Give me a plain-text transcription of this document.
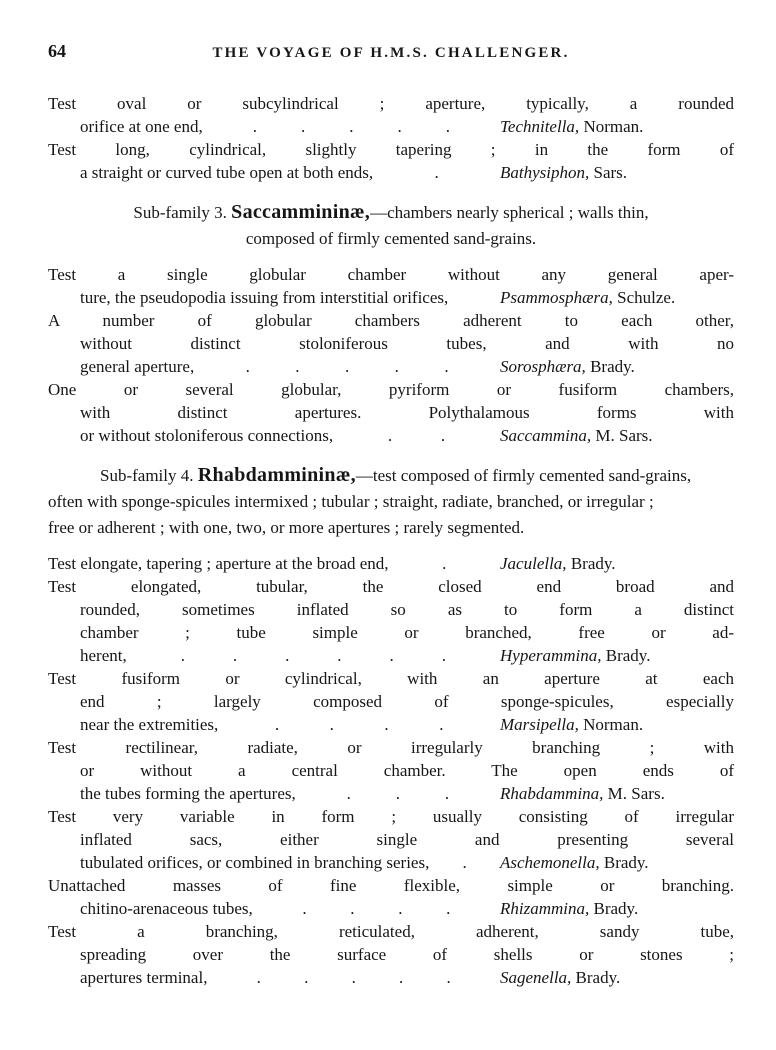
64	THE VOYAGE OF H.M.S. CHALLENGER.
Test oval or subcylindrical ; aperture, typically, a rounded
orifice at one end,	.	.	.	.	.	Technitella, Norman.
Test long, cylindrical, slightly tapering ; in the form of
a straight or curved tube open at both ends,	.	Bathysiphon, Sars.
Sub-family 3. Saccammininæ,—chambers nearly spherical ; walls thin,
composed of firmly cemented sand-grains.
Test a single globular chamber without any general aper-
ture, the pseudopodia issuing from interstitial orifices,	Psammosphæra, Schulze.
A number of globular chambers adherent to each other,
without distinct stoloniferous tubes, and with no
general aperture,	.	.	.	.	.	Sorosphæra, Brady.
One or several globular, pyriform or fusiform chambers,
with distinct apertures. Polythalamous forms with
or without stoloniferous connections,	.	.	Saccammina, M. Sars.
Sub-family 4. Rhabdammininæ,—test composed of firmly cemented sand-grains,
often with sponge-spicules intermixed ; tubular ; straight, radiate, branched, or irregular ;
free or adherent ; with one, two, or more apertures ; rarely segmented.
Test elongate, tapering ; aperture at the broad end,	.	Jaculella, Brady.
Test elongated, tubular, the closed end broad and
rounded, sometimes inflated so as to form a distinct
chamber ; tube simple or branched, free or ad-
herent,	.	.	.	.	.	.	Hyperammina, Brady.
Test fusiform or cylindrical, with an aperture at each
end ; largely composed of sponge-spicules, especially
near the extremities,	.	.	.	.	Marsipella, Norman.
Test rectilinear, radiate, or irregularly branching ; with
or without a central chamber. The open ends of
the tubes forming the apertures,	.	.	.	Rhabdammina, M. Sars.
Test very variable in form ; usually consisting of irregular
inflated sacs, either single and presenting several
tubulated orifices, or combined in branching series, . Aschemonella, Brady.
Unattached masses of fine flexible, simple or branching.
chitino-arenaceous tubes,	.	.	.	.	Rhizammina, Brady.
Test a branching, reticulated, adherent, sandy tube,
spreading over the surface of shells or stones ;
apertures terminal,	.	.	.	.	.	Sagenella, Brady.
